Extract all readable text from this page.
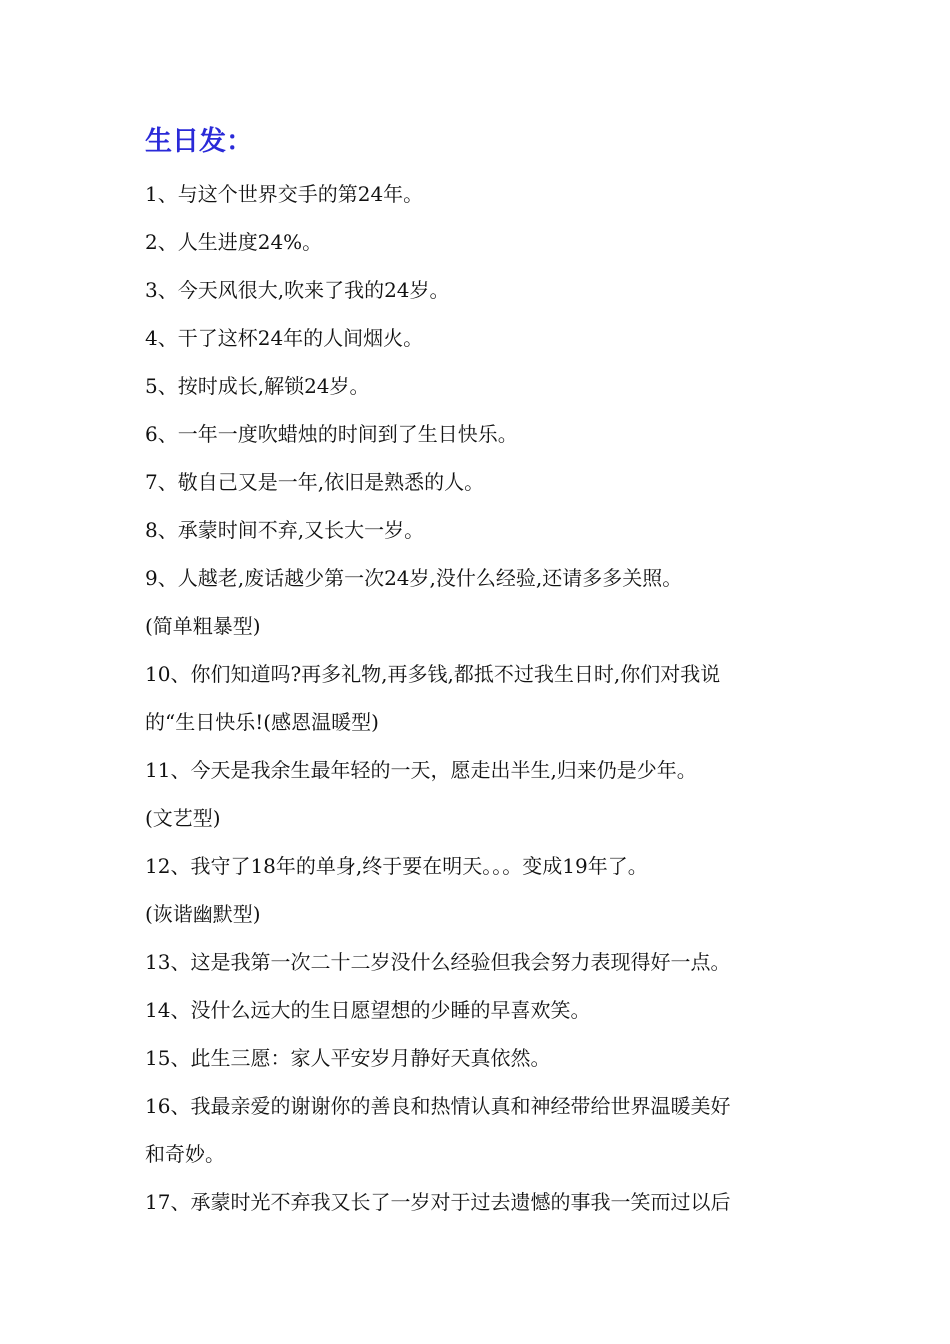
生日发：
1、与这个世界交手的第24年。
2、人生进度24%。
3、今天风很大,吹来了我的24岁。
4、干了这杯24年的人间烟火。
5、按时成长,解锁24岁。
6、一年一度吹蜡烛的时间到了生日快乐。
7、敬自己又是一年,依旧是熟悉的人。
8、承蒙时间不弃,又长大一岁。
9、人越老,废话越少第一次24岁,没什么经验,还请多多关照。
(简单粗暴型)
10、你们知道吗?再多礼物,再多钱,都抵不过我生日时,你们对我说
的“生日快乐!(感恩温暖型)
11、今天是我余生最年轻的一天，愿走出半生,归来仍是少年。
(文艺型)
12、我守了18年的单身,终于要在明天。。。变成19年了。
(诙谐幽默型)
13、这是我第一次二十二岁没什么经验但我会努力表现得好一点。
14、没什么远大的生日愿望想的少睡的早喜欢笑。
15、此生三愿：家人平安岁月静好天真依然。
16、我最亲爱的谢谢你的善良和热情认真和神经带给世界温暖美好
和奇妙。
17、承蒙时光不弃我又长了一岁对于过去遗憾的事我一笑而过以后
